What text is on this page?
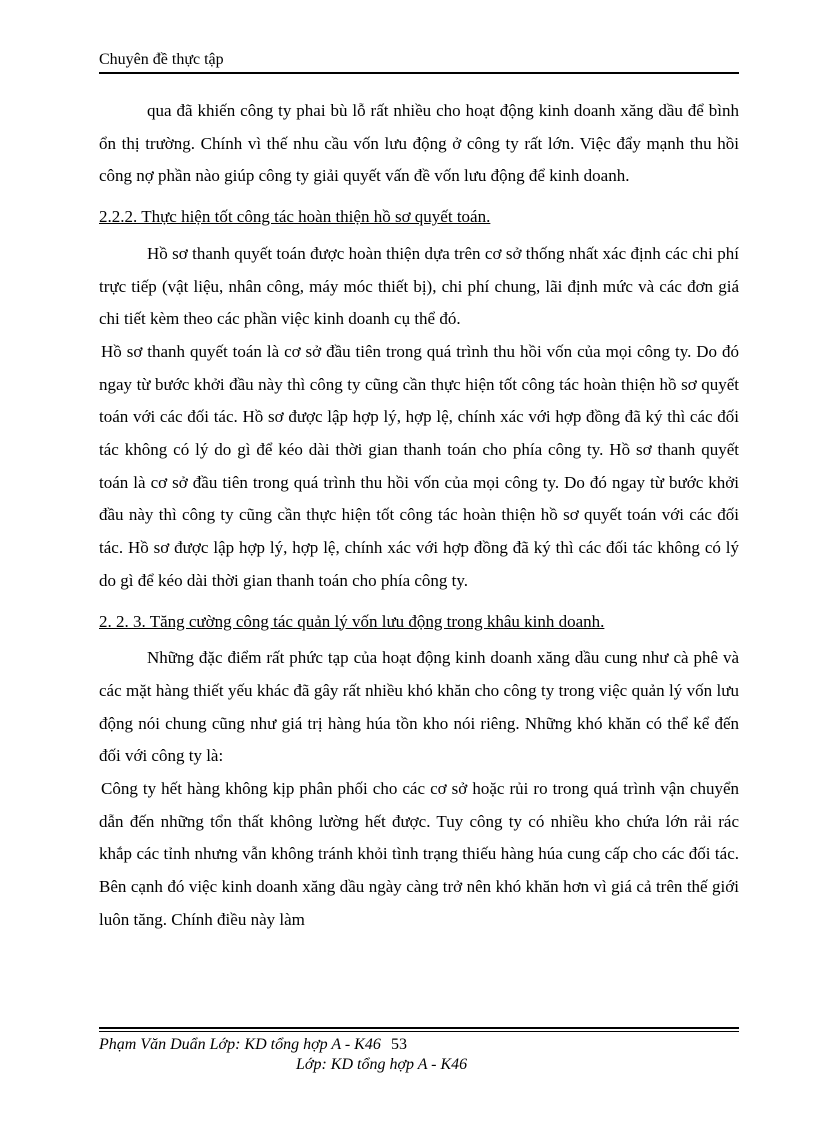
Chuyên đề thực tập

qua đã khiến công ty phai bù lỗ rất nhiều cho hoạt động kinh doanh xăng dầu để bình ổn thị trường. Chính vì thế nhu cầu vốn lưu động ở công ty rất lớn. Việc đẩy mạnh thu hồi công nợ phần nào giúp công ty giải quyết vấn đề vốn lưu động để kinh doanh.

2.2.2. Thực hiện tốt công tác hoàn thiện hồ sơ quyết toán.

Hồ sơ thanh quyết toán được hoàn thiện dựa trên cơ sở thống nhất xác định các chi phí trực tiếp (vật liệu, nhân công, máy móc thiết bị), chi phí chung, lãi định mức và các đơn giá chi tiết kèm theo các phần việc kinh doanh cụ thể đó.

Hồ sơ thanh quyết toán là cơ sở đầu tiên trong quá trình thu hồi vốn của mọi công ty. Do đó ngay từ bước khởi đầu này thì công ty cũng cần thực hiện tốt công tác hoàn thiện hồ sơ quyết toán với các đối tác. Hồ sơ được lập hợp lý, hợp lệ, chính xác với hợp đồng đã ký thì các đối tác không có lý do gì để kéo dài thời gian thanh toán cho phía công ty. Hồ sơ thanh quyết toán là cơ sở đầu tiên trong quá trình thu hồi vốn của mọi công ty. Do đó ngay từ bước khởi đầu này thì công ty cũng cần thực hiện tốt công tác hoàn thiện hồ sơ quyết toán với các đối tác. Hồ sơ được lập hợp lý, hợp lệ, chính xác với hợp đồng đã ký thì các đối tác không có lý do gì để kéo dài thời gian thanh toán cho phía công ty.

2. 2. 3. Tăng cường công tác quản lý vốn lưu động trong khâu kinh doanh.

Những đặc điểm rất phức tạp của hoạt động kinh doanh xăng dầu cung như cà phê và các mặt hàng thiết yếu khác đã gây rất nhiều khó khăn cho công ty trong việc quản lý vốn lưu động nói chung cũng như giá trị hàng húa tồn kho nói riêng. Những khó khăn có thể kể đến đối với công ty là:

Công ty hết hàng không kịp phân phối cho các cơ sở hoặc rủi ro trong quá trình vận chuyển dẫn đến những tổn thất không lường hết được. Tuy công ty có nhiều kho chứa lớn rải rác khắp các tỉnh nhưng vẫn không tránh khỏi tình trạng thiếu hàng húa cung cấp cho các đối tác. Bên cạnh đó việc kinh doanh xăng dầu ngày càng trở nên khó khăn hơn vì giá cả trên thế giới luôn tăng. Chính điều này làm

Phạm Văn Duẩn Lớp: KD tổng hợp A - K46 53
Lớp: KD tổng hợp A - K46
